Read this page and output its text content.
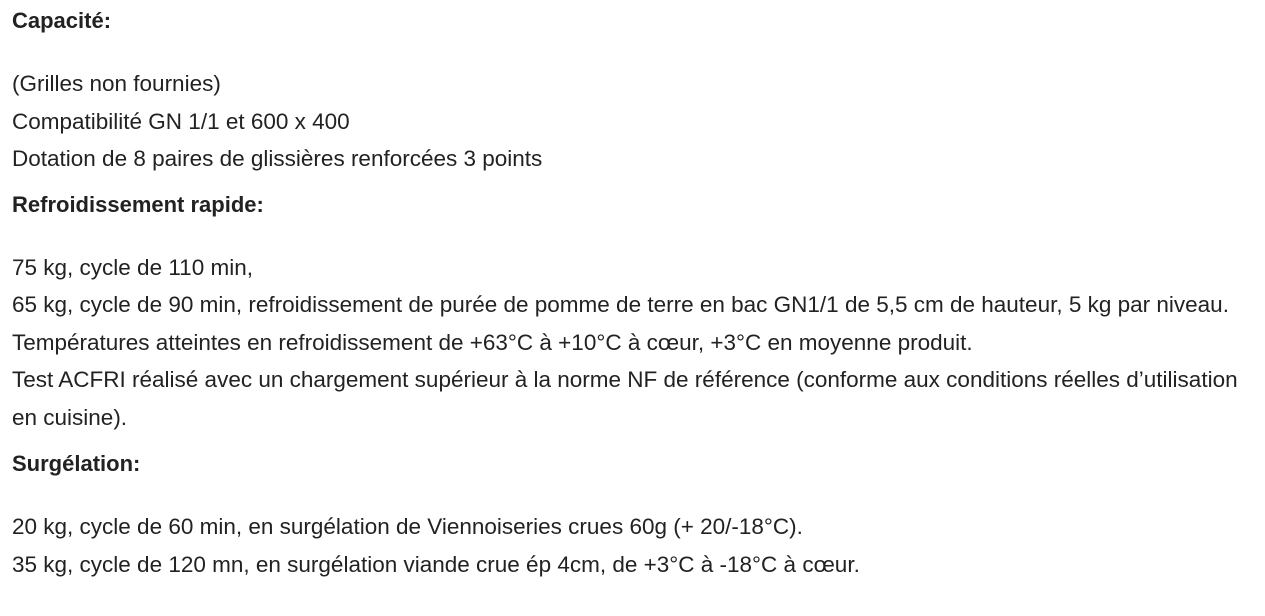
Capacité:
(Grilles non fournies)
Compatibilité GN 1/1 et 600 x 400
Dotation de 8 paires de glissières renforcées 3 points
Refroidissement rapide:
75 kg, cycle de 110 min,
65 kg, cycle de 90 min, refroidissement de purée de pomme de terre en bac GN1/1 de 5,5 cm de hauteur, 5 kg par niveau. Températures atteintes en refroidissement de +63°C à +10°C à cœur, +3°C en moyenne produit.
Test ACFRI réalisé avec un chargement supérieur à la norme NF de référence (conforme aux conditions réelles d’utilisation en cuisine).
Surgélation:
20 kg, cycle de 60 min, en surgélation de Viennoiseries crues 60g (+ 20/-18°C).
35 kg, cycle de 120 mn, en surgélation viande crue ép 4cm, de +3°C à -18°C à cœur.
